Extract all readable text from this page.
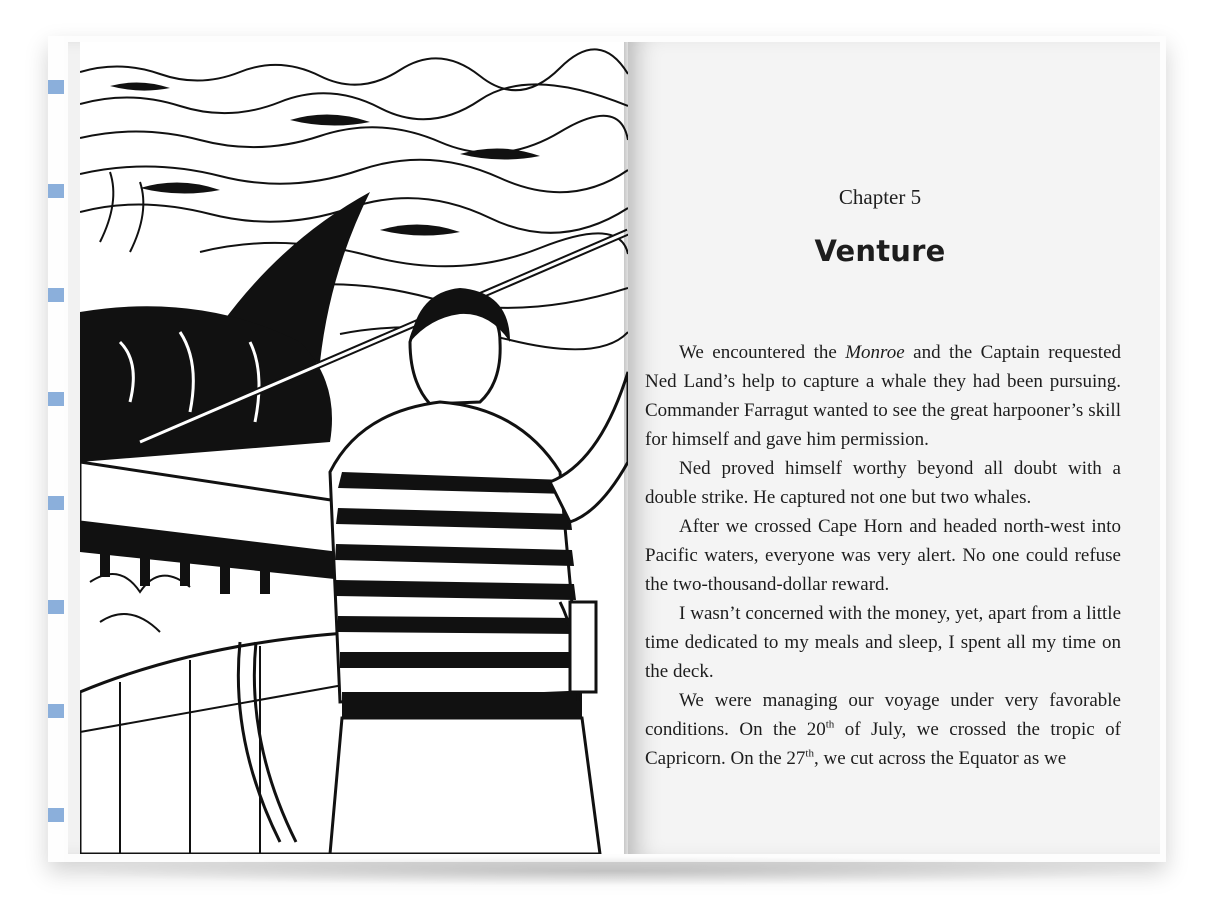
Chapter 5
Venture

We encountered the Monroe and the Captain requested Ned Land’s help to capture a whale they had been pursuing. Commander Farragut wanted to see the great harpooner’s skill for himself and gave him permission.

Ned proved himself worthy beyond all doubt with a double strike. He captured not one but two whales.

After we crossed Cape Horn and headed north-west into Pacific waters, everyone was very alert. No one could refuse the two-thousand-dollar reward.

I wasn’t concerned with the money, yet, apart from a little time dedicated to my meals and sleep, I spent all my time on the deck.

We were managing our voyage under very favorable conditions. On the 20th of July, we crossed the tropic of Capricorn. On the 27th, we cut across the Equator as we
